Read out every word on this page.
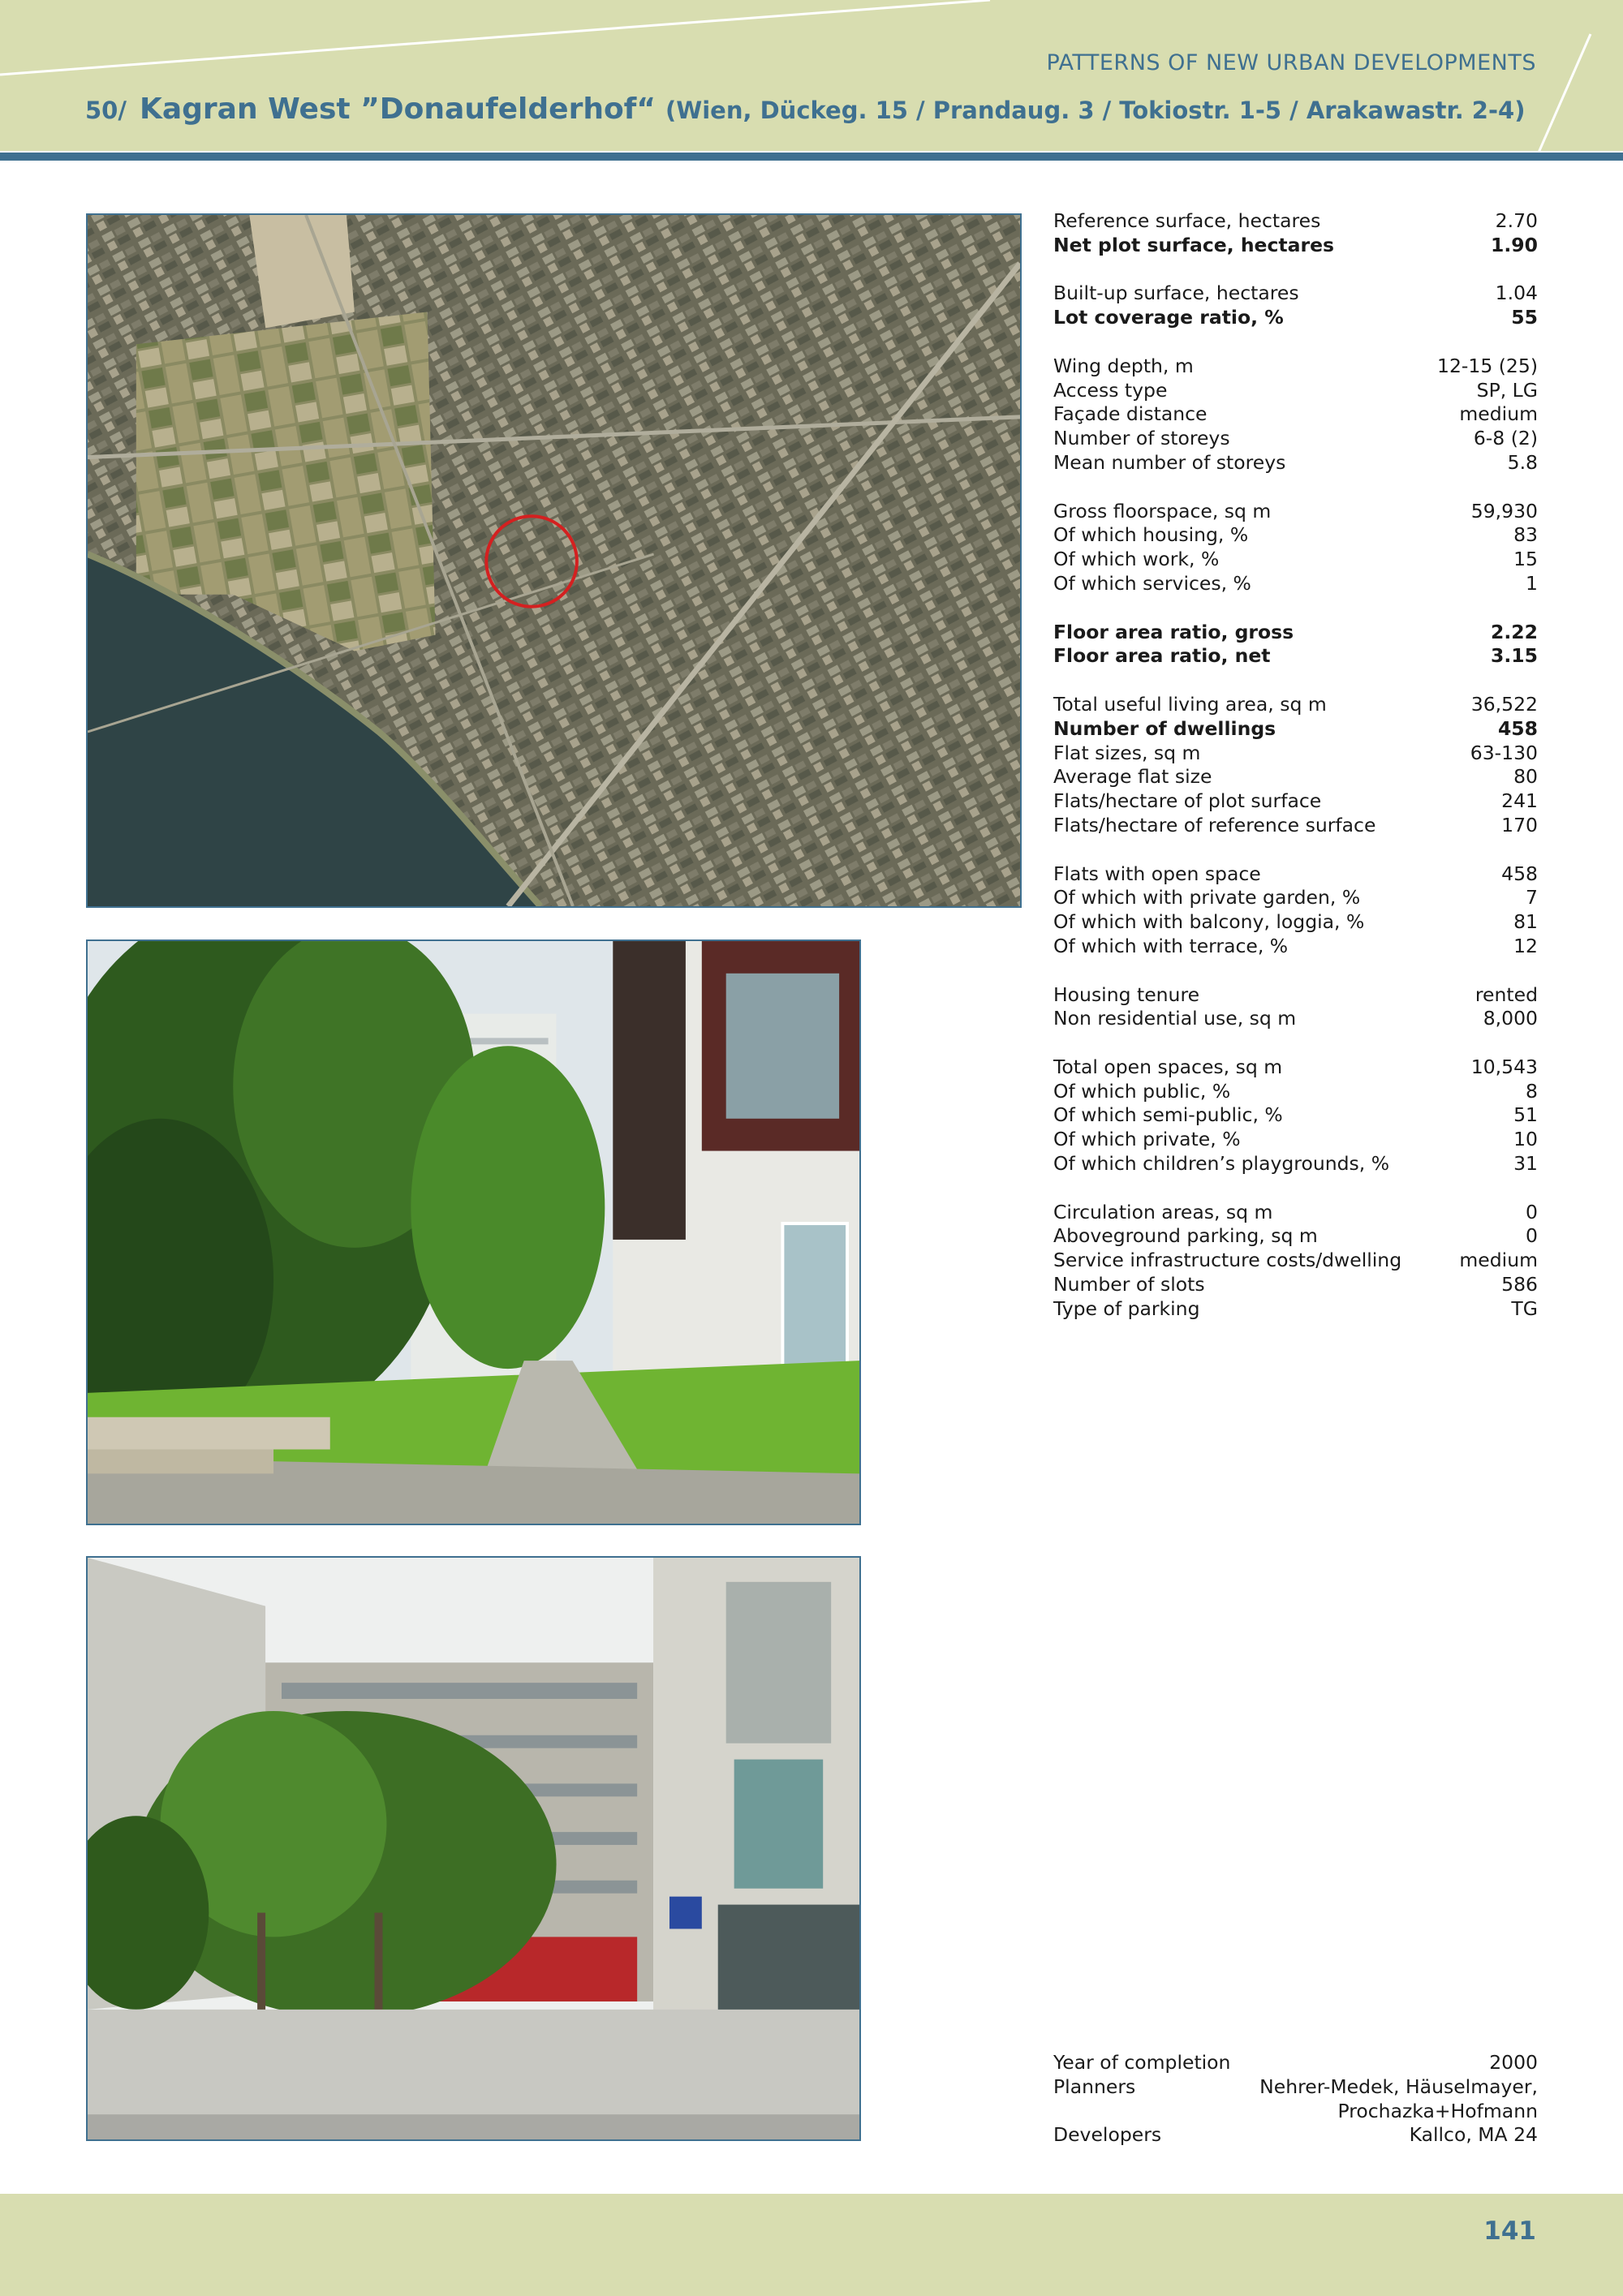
PATTERNS OF NEW URBAN DEVELOPMENTS
50/ Kagran West ”Donaufelderhof“ (Wien, Dückeg. 15 / Prandaug. 3 / Tokiostr. 1-5 / Arakawastr. 2-4)
Reference surface, hectares	2.70
Net plot surface, hectares	1.90
Built-up surface, hectares	1.04
Lot coverage ratio, %	55
Wing depth, m	12-15 (25)
Access type	SP, LG
Façade distance	medium
Number of storeys	6-8 (2)
Mean number of storeys	5.8
Gross floorspace, sq m	59,930
Of which housing, %	83
Of which work, %	15
Of which services, %	1
Floor area ratio, gross	2.22
Floor area ratio, net	3.15
Total useful living area, sq m	36,522
Number of dwellings	458
Flat sizes, sq m	63-130
Average flat size	80
Flats/hectare of plot surface	241
Flats/hectare of reference surface	170
Flats with open space	458
Of which with private garden, %	7
Of which with balcony, loggia, %	81
Of which with terrace, %	12
Housing tenure	rented
Non residential use, sq m	8,000
Total open spaces, sq m	10,543
Of which public, %	8
Of which semi-public, %	51
Of which private, %	10
Of which children’s playgrounds, %	31
Circulation areas, sq m	0
Aboveground parking, sq m	0
Service infrastructure costs/dwelling	medium
Number of slots	586
Type of parking	TG
Year of completion	2000
Planners	Nehrer-Medek, Häuselmayer,
Prochazka+Hofmann
Developers	Kallco, MA 24
141
